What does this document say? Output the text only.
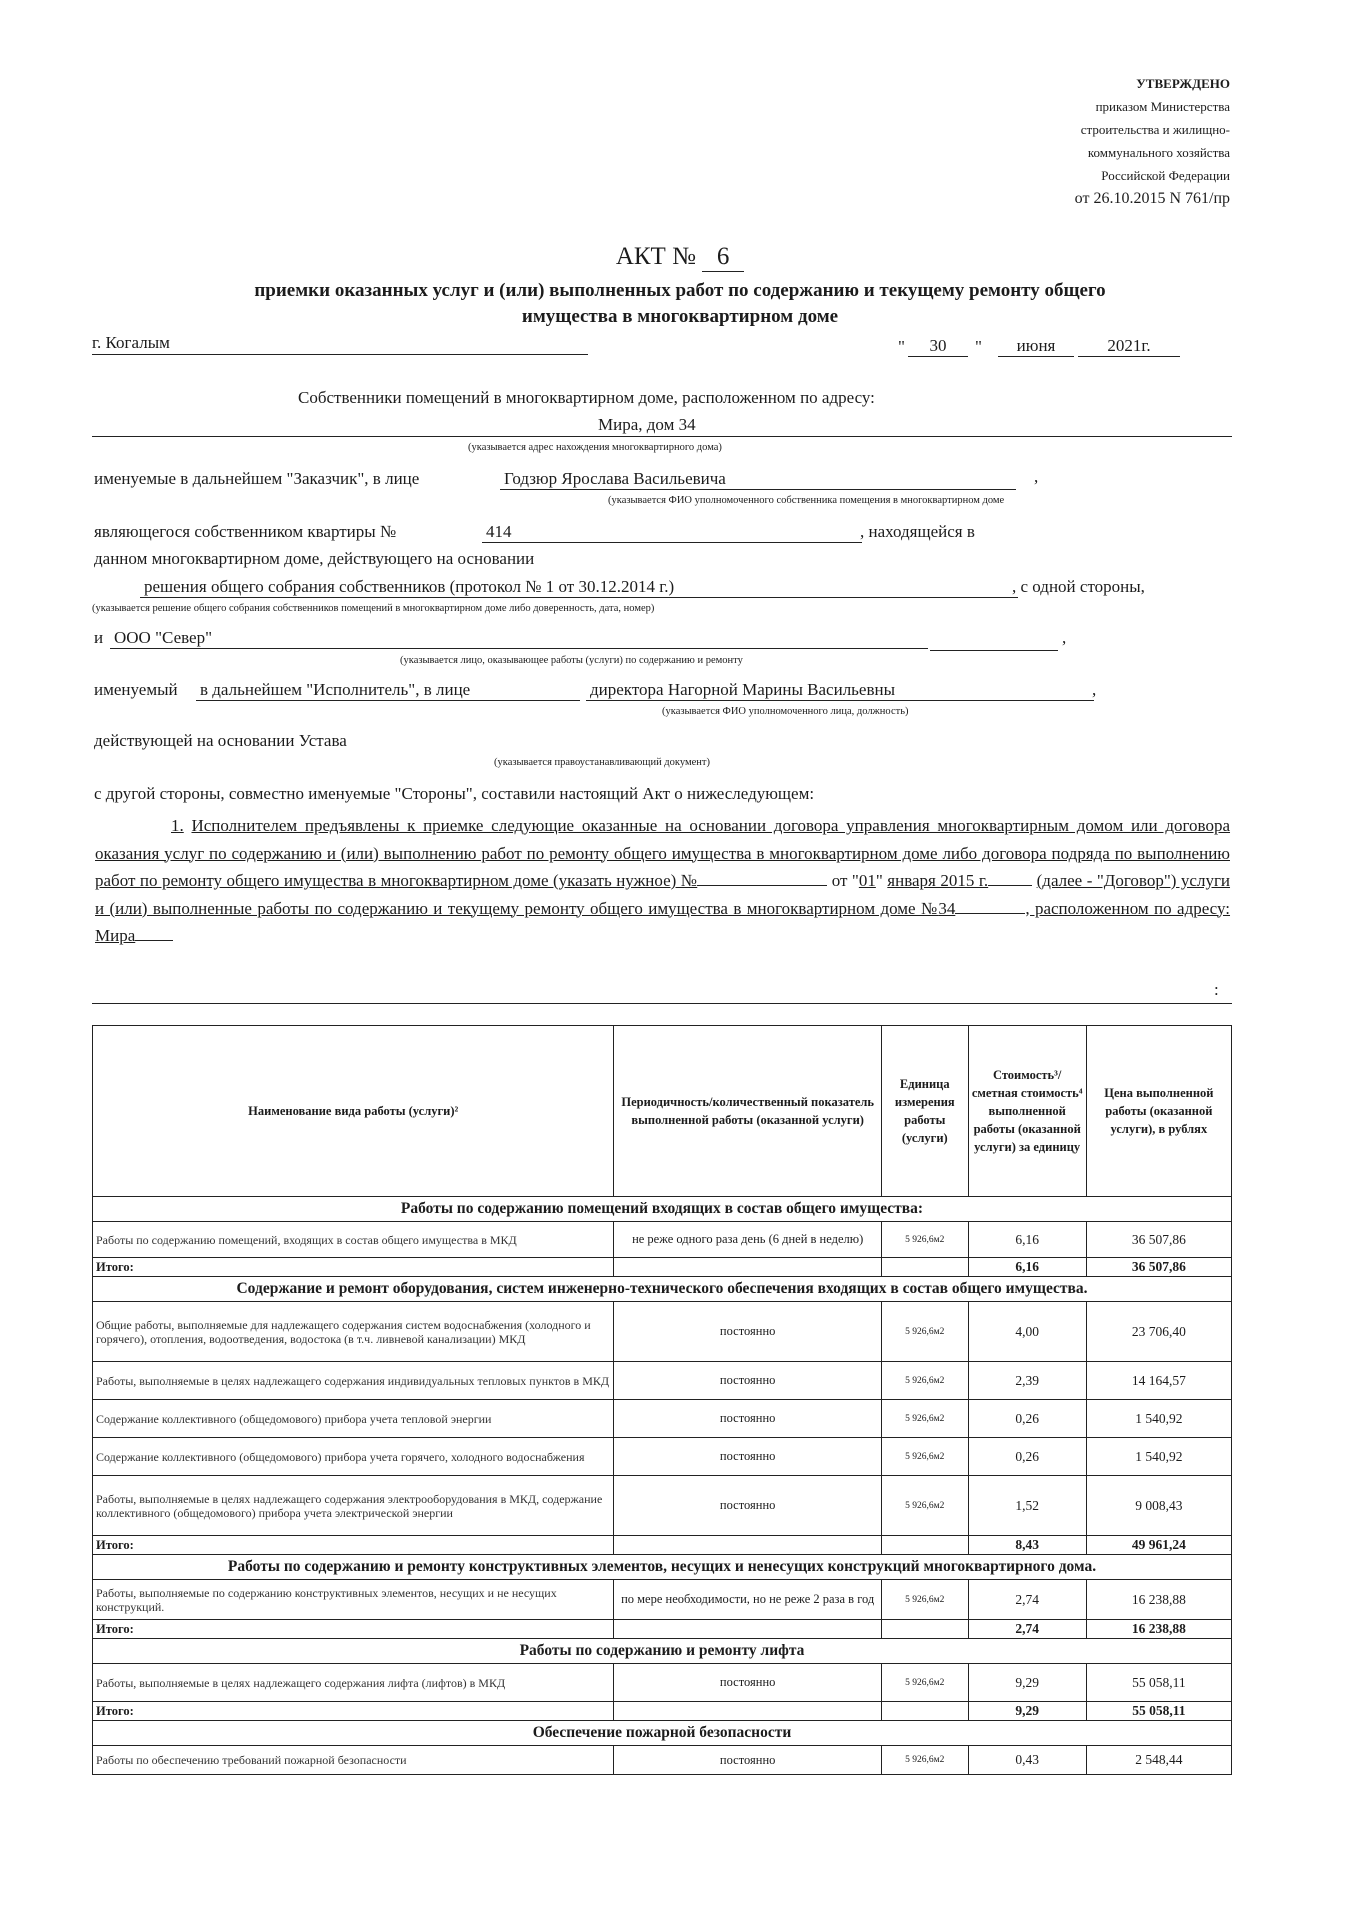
УТВЕРЖДЕНО
приказом Министерства
строительства и жилищно-
коммунального хозяйства
Российской Федерации
от 26.10.2015 N 761/пр
АКТ № 6
приемки оказанных услуг и (или) выполненных работ по содержанию и текущему ремонту общего
имущества в многоквартирном доме
г. Когалым	"	30	"	июня	2021г.
Собственники помещений в многоквартирном доме, расположенном по адресу:
Мира, дом 34
(указывается адрес нахождения многоквартирного дома)
именуемые в дальнейшем "Заказчик", в лице	Годзюр Ярослава Васильевича	,
(указывается ФИО уполномоченного собственника помещения в многоквартирном доме
являющегося собственником квартиры №	414	, находящейся в
данном многоквартирном доме, действующего на основании
решения общего собрания собственников (протокол № 1 от 30.12.2014 г.)	, с одной стороны,
(указывается решение общего собрания собственников помещений в многоквартирном доме либо доверенность, дата, номер)
и ООО "Север"	,
(указывается лицо, оказывающее работы (услуги) по содержанию и ремонту
именуемый в дальнейшем "Исполнитель", в лице	директора Нагорной Марины Васильевны	,
(указывается ФИО уполномоченного лица, должность)
действующей на основании Устава
(указывается правоустанавливающий документ)
с другой стороны, совместно именуемые "Стороны", составили настоящий Акт о нижеследующем:
1. Исполнителем предъявлены к приемке следующие оказанные на основании договора управления многоквартирным домом или договора оказания услуг по содержанию и (или) выполнению работ по ремонту общего имущества в многоквартирном доме либо договора подряда по выполнению работ по ремонту общего имущества в многоквартирном доме (указать нужное) №	от "01" января 2015 г.	(далее - "Договор") услуги и (или) выполненные работы по содержанию и текущему ремонту общего имущества в многоквартирном доме №34	, расположенном по адресу: Мира
:
Наименование вида работы (услуги)²	Периодичность/количественный показатель выполненной работы (оказанной услуги)	Единица измерения работы (услуги)	Стоимость³/сметная стоимость⁴ выполненной работы (оказанной услуги) за единицу	Цена выполненной работы (оказанной услуги), в рублях
Работы по содержанию помещений входящих в состав общего имущества:				
Работы по содержанию помещений, входящих в состав общего имущества в МКД	не реже одного раза день (6 дней в неделю)	5 926,6м2	6,16	36 507,86
Итого:			6,16	36 507,86
Содержание и ремонт оборудования, систем инженерно-технического обеспечения входящих в состав общего имущества.				
Общие работы, выполняемые для надлежащего содержания систем водоснабжения (холодного и горячего), отопления, водоотведения, водостока (в т.ч. ливневой канализации) МКД	постоянно	5 926,6м2	4,00	23 706,40
Работы, выполняемые в целях надлежащего содержания индивидуальных тепловых пунктов в МКД	постоянно	5 926,6м2	2,39	14 164,57
Содержание коллективного (общедомового) прибора учета тепловой энергии	постоянно	5 926,6м2	0,26	1 540,92
Содержание коллективного (общедомового) прибора учета горячего, холодного водоснабжения	постоянно	5 926,6м2	0,26	1 540,92
Работы, выполняемые в целях надлежащего содержания электрооборудования в МКД, содержание коллективного (общедомового) прибора учета электрической энергии	постоянно	5 926,6м2	1,52	9 008,43
Итого:			8,43	49 961,24
Работы по содержанию и ремонту конструктивных элементов, несущих и ненесущих конструкций многоквартирного дома.				
Работы, выполняемые по содержанию конструктивных элементов, несущих и не несущих конструкций.	по мере необходимости, но не реже 2 раза в год	5 926,6м2	2,74	16 238,88
Итого:			2,74	16 238,88
Работы по содержанию и ремонту лифта				
Работы, выполняемые в целях надлежащего содержания лифта (лифтов) в МКД	постоянно	5 926,6м2	9,29	55 058,11
Итого:			9,29	55 058,11
Обеспечение пожарной безопасности				
Работы по обеспечению требований пожарной безопасности	постоянно	5 926,6м2	0,43	2 548,44
